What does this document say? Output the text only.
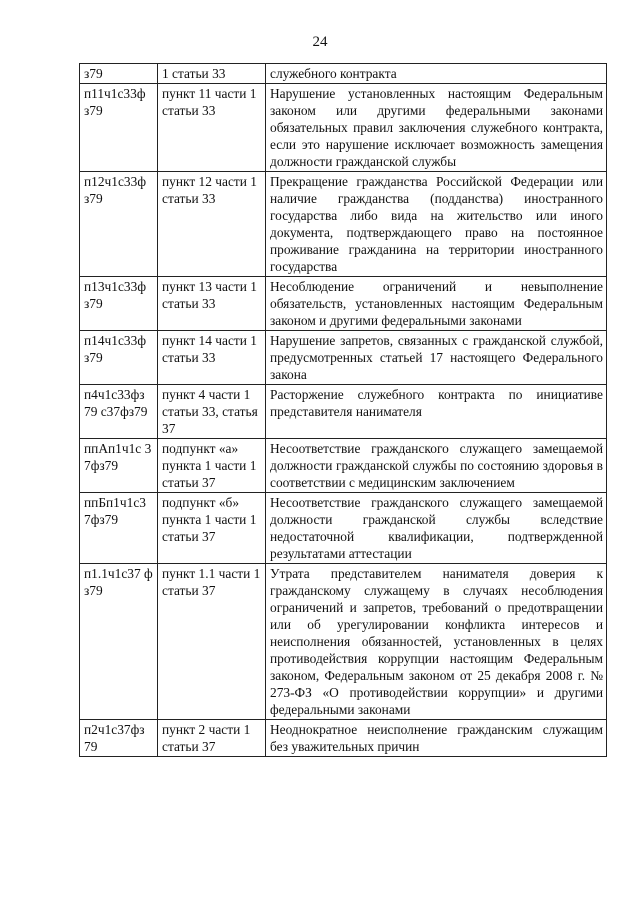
24
з79	1 статьи 33	служебного контракта
п11ч1с33ф з79	пункт 11 части 1 статьи 33	Нарушение установленных настоящим Федеральным законом или другими федеральными законами обязательных правил заключения служебного контракта, если это нарушение исключает возможность замещения должности гражданской службы
п12ч1с33ф з79	пункт 12 части 1 статьи 33	Прекращение гражданства Российской Федерации или наличие гражданства (подданства) иностранного государства либо вида на жительство или иного документа, подтверждающего право на постоянное проживание гражданина на территории иностранного государства
п13ч1с33ф з79	пункт 13 части 1 статьи 33	Несоблюдение ограничений и невыполнение обязательств, установленных настоящим Федеральным законом и другими федеральными законами
п14ч1с33ф з79	пункт 14 части 1 статьи 33	Нарушение запретов, связанных с гражданской службой, предусмотренных статьей 17 настоящего Федерального закона
п4ч1с33фз 79 с37фз79	пункт 4 части 1 статьи 33, статья 37	Расторжение служебного контракта по инициативе представителя нанимателя
ппАп1ч1с 37фз79	подпункт «а» пункта 1 части 1 статьи 37	Несоответствие гражданского служащего замещаемой должности гражданской службы по состоянию здоровья в соответствии с медицинским заключением
ппБп1ч1с3 7фз79	подпункт «б» пункта 1 части 1 статьи 37	Несоответствие гражданского служащего замещаемой должности гражданской службы вследствие недостаточной квалификации, подтвержденной результатами аттестации
п1.1ч1с37 фз79	пункт 1.1 части 1 статьи 37	Утрата представителем нанимателя доверия к гражданскому служащему в случаях несоблюдения ограничений и запретов, требований о предотвращении или об урегулировании конфликта интересов и неисполнения обязанностей, установленных в целях противодействия коррупции настоящим Федеральным законом, Федеральным законом от 25 декабря 2008 г. № 273-ФЗ «О противодействии коррупции» и другими федеральными законами
п2ч1с37фз 79	пункт 2 части 1 статьи 37	Неоднократное неисполнение гражданским служащим без уважительных причин
